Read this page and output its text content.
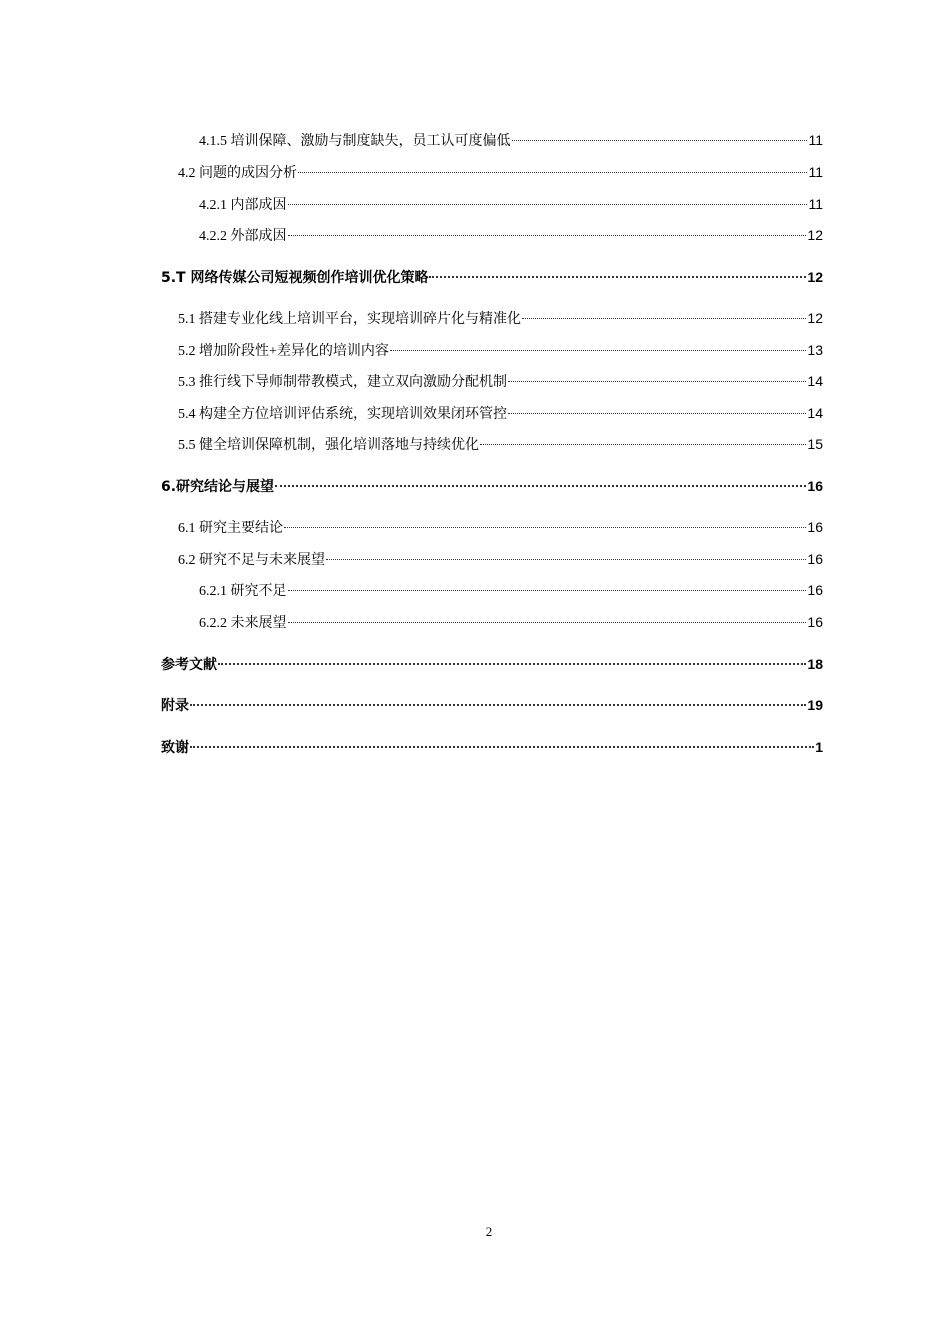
4.1.5 培训保障、激励与制度缺失，员工认可度偏低	11
4.2 问题的成因分析	11
4.2.1 内部成因	11
4.2.2 外部成因	12
5.T 网络传媒公司短视频创作培训优化策略	12
5.1 搭建专业化线上培训平台，实现培训碎片化与精准化	12
5.2 增加阶段性+差异化的培训内容	13
5.3 推行线下导师制带教模式，建立双向激励分配机制	14
5.4 构建全方位培训评估系统，实现培训效果闭环管控	14
5.5 健全培训保障机制，强化培训落地与持续优化	15
6.研究结论与展望	16
6.1 研究主要结论	16
6.2 研究不足与未来展望	16
6.2.1 研究不足	16
6.2.2 未来展望	16
参考文献	18
附录	19
致谢	1
2
